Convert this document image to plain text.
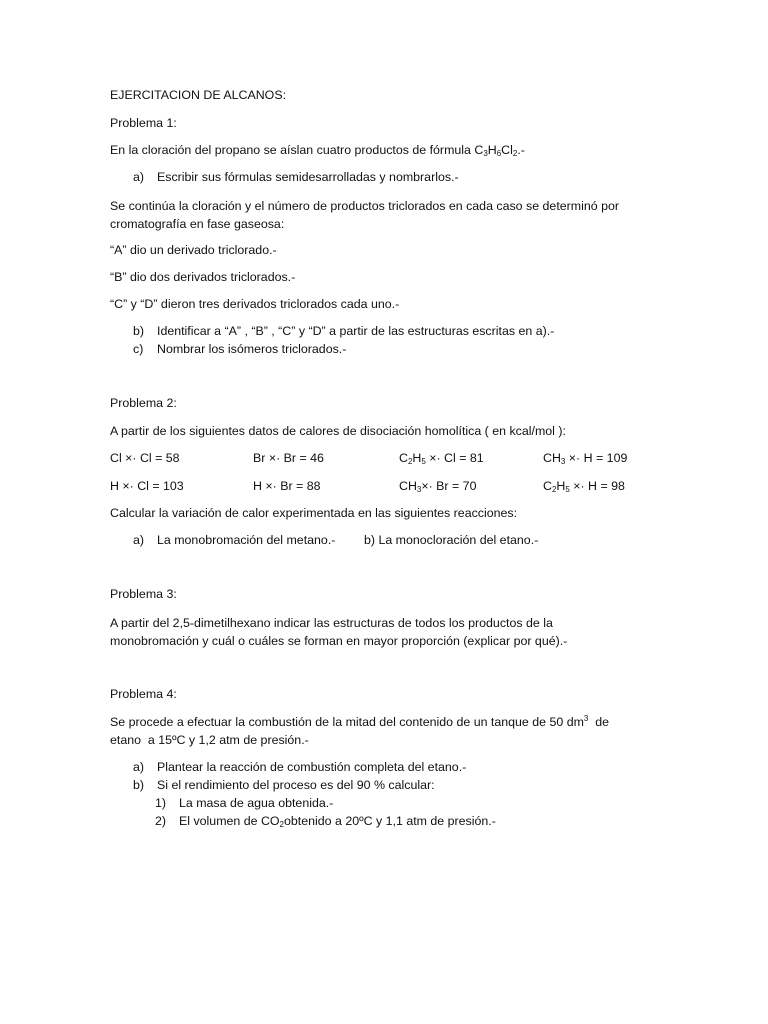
EJERCITACION DE ALCANOS:
Problema 1:
En la cloración del propano se aíslan cuatro productos de fórmula $C_3H_6Cl_2.-$
a) Escribir sus fórmulas semidesarrolladas y nombrarlos.-
Se continúa la cloración y el número de productos triclorados en cada caso se determinó por cromatografía en fase gaseosa:
“A” dio un derivado triclorado.-
“B” dio dos derivados triclorados.-
“C” y “D” dieron tres derivados triclorados cada uno.-
b) Identificar a “A” , “B” , “C” y “D” a partir de las estructuras escritas en a).-
c) Nombrar los isómeros triclorados.-
Problema 2:
A partir de los siguientes datos de calores de disociación homolítica ( en kcal/mol ):
Cl ×· Cl = 58	Br ×· Br = 46	$C_2H_5 \times\cdot Cl = 81$	$CH_3 \times\cdot H = 109$
H ×· Cl = 103	H ×· Br = 88	$CH_3\times\cdot Br = 70$	$C_2H_5 \times\cdot H = 98$
Calcular la variación de calor experimentada en las siguientes reacciones:
a) La monobromación del metano.- b) La monocloración del etano.-
Problema 3:
A partir del 2,5-dimetilhexano indicar las estructuras de todos los productos de la monobromación y cuál o cuáles se forman en mayor proporción (explicar por qué).-
Problema 4:
Se procede a efectuar la combustión de la mitad del contenido de un tanque de 50 $dm^3$  de
etano  a 15ºC y 1,2 atm de presión.-
a) Plantear la reacción de combustión completa del etano.-
b) Si el rendimiento del proceso es del 90 % calcular:
1) La masa de agua obtenida.-
2) El volumen de $CO_2obtenido$ a 20ºC y 1,1 atm de presión.-
